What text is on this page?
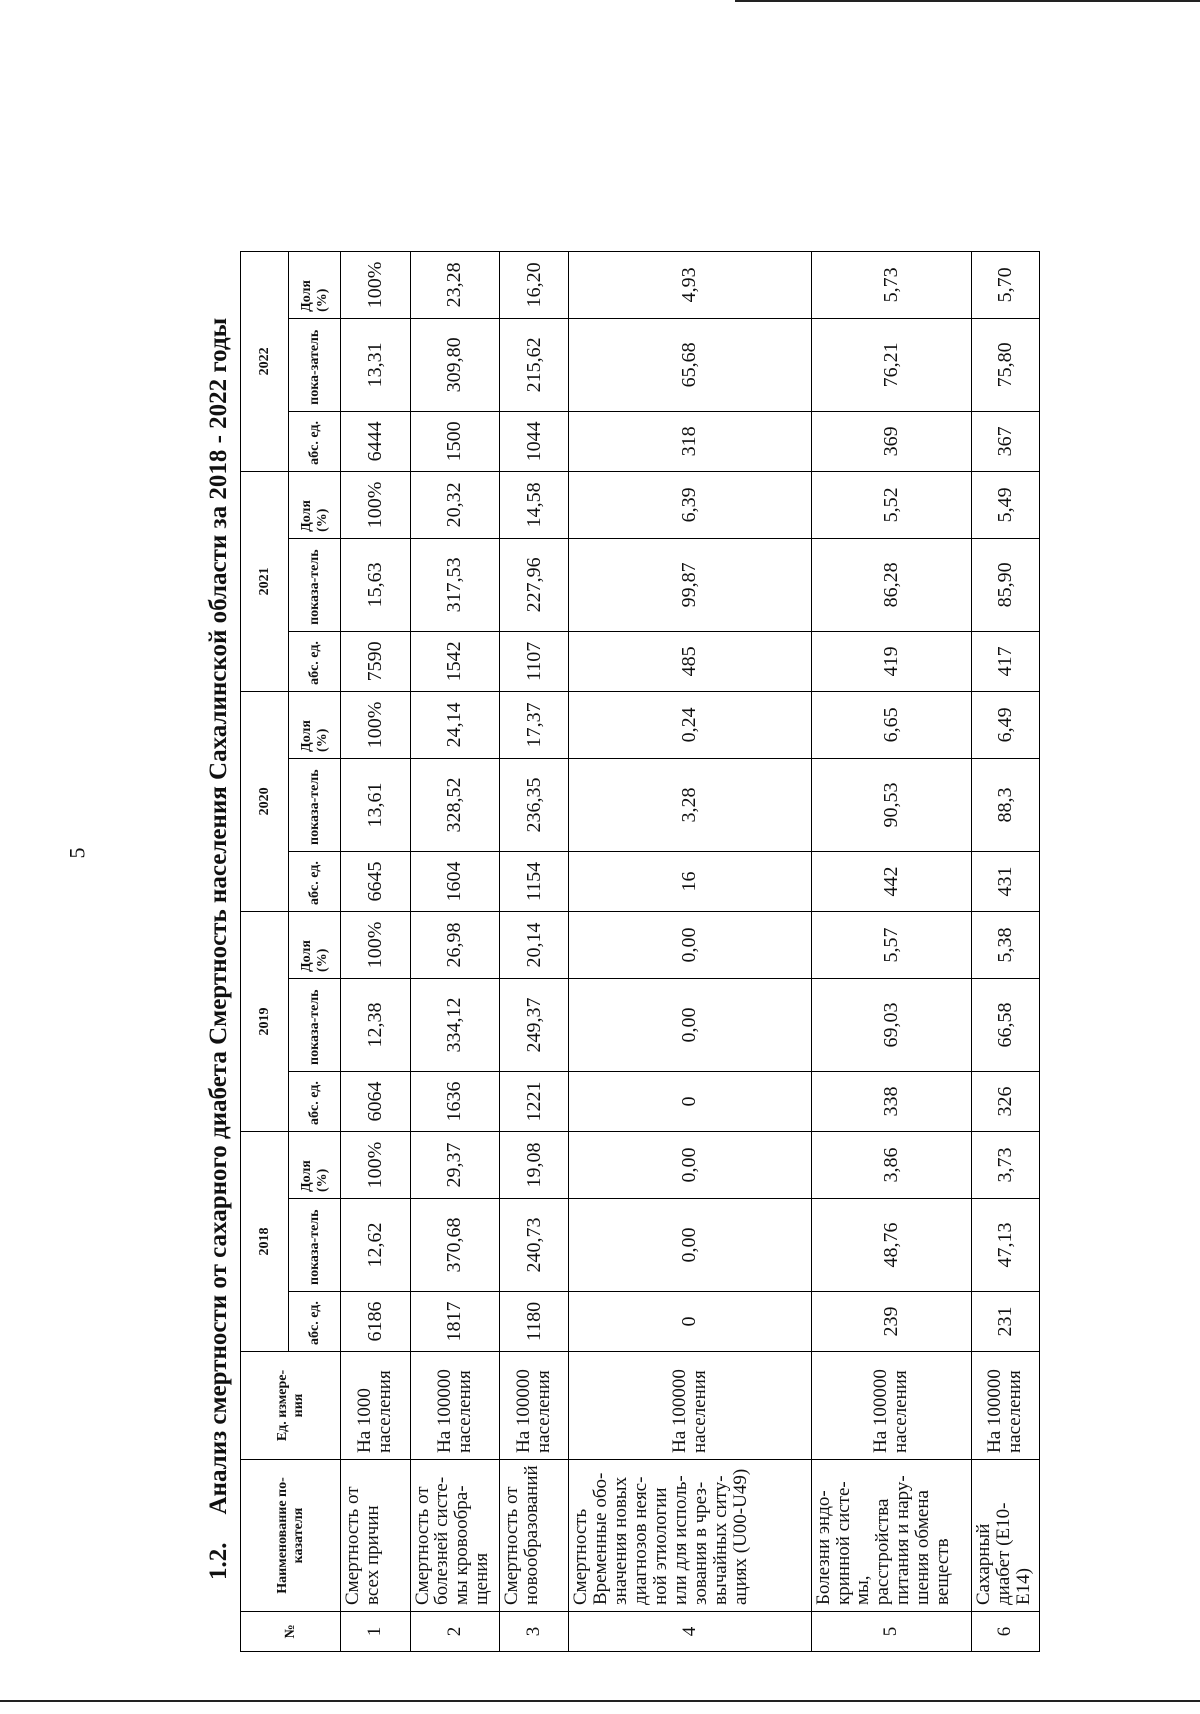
5
1.2.Анализ смертности от сахарного диабета Смертность населения Сахалинской области за 2018 - 2022 годы
№	Наименование по-казателя	Ед. измере-ния	2018			2019			2020			2021			2022		
			абс. ед.	показа-тель	Доля (%)	абс. ед.	показа-тель	Доля (%)	абс. ед.	показа-тель	Доля (%)	абс. ед.	показа-тель	Доля (%)	абс. ед.	пока-затель	Доля (%)
1	Смертность от всех причин	На 1000 населения	6186	12,62	100%	6064	12,38	100%	6645	13,61	100%	7590	15,63	100%	6444	13,31	100%
2	Смертность от болезней систе-мы кровообра-щения	На 100000 населения	1817	370,68	29,37	1636	334,12	26,98	1604	328,52	24,14	1542	317,53	20,32	1500	309,80	23,28
3	Смертность от новообразований	На 100000 населения	1180	240,73	19,08	1221	249,37	20,14	1154	236,35	17,37	1107	227,96	14,58	1044	215,62	16,20
4	Смертность Временные обо-значения новых диагнозов неяс-ной этиологии или для исполь-зования в чрез-вычайных ситу-ациях (U00-U49)	На 100000 населения	0	0,00	0,00	0	0,00	0,00	16	3,28	0,24	485	99,87	6,39	318	65,68	4,93
5	Болезни эндо-кринной систе-мы, расстройства питания и нару-шения обмена веществ	На 100000 населения	239	48,76	3,86	338	69,03	5,57	442	90,53	6,65	419	86,28	5,52	369	76,21	5,73
6	Сахарный диабет (E10-E14)	На 100000 населения	231	47,13	3,73	326	66,58	5,38	431	88,3	6,49	417	85,90	5,49	367	75,80	5,70
